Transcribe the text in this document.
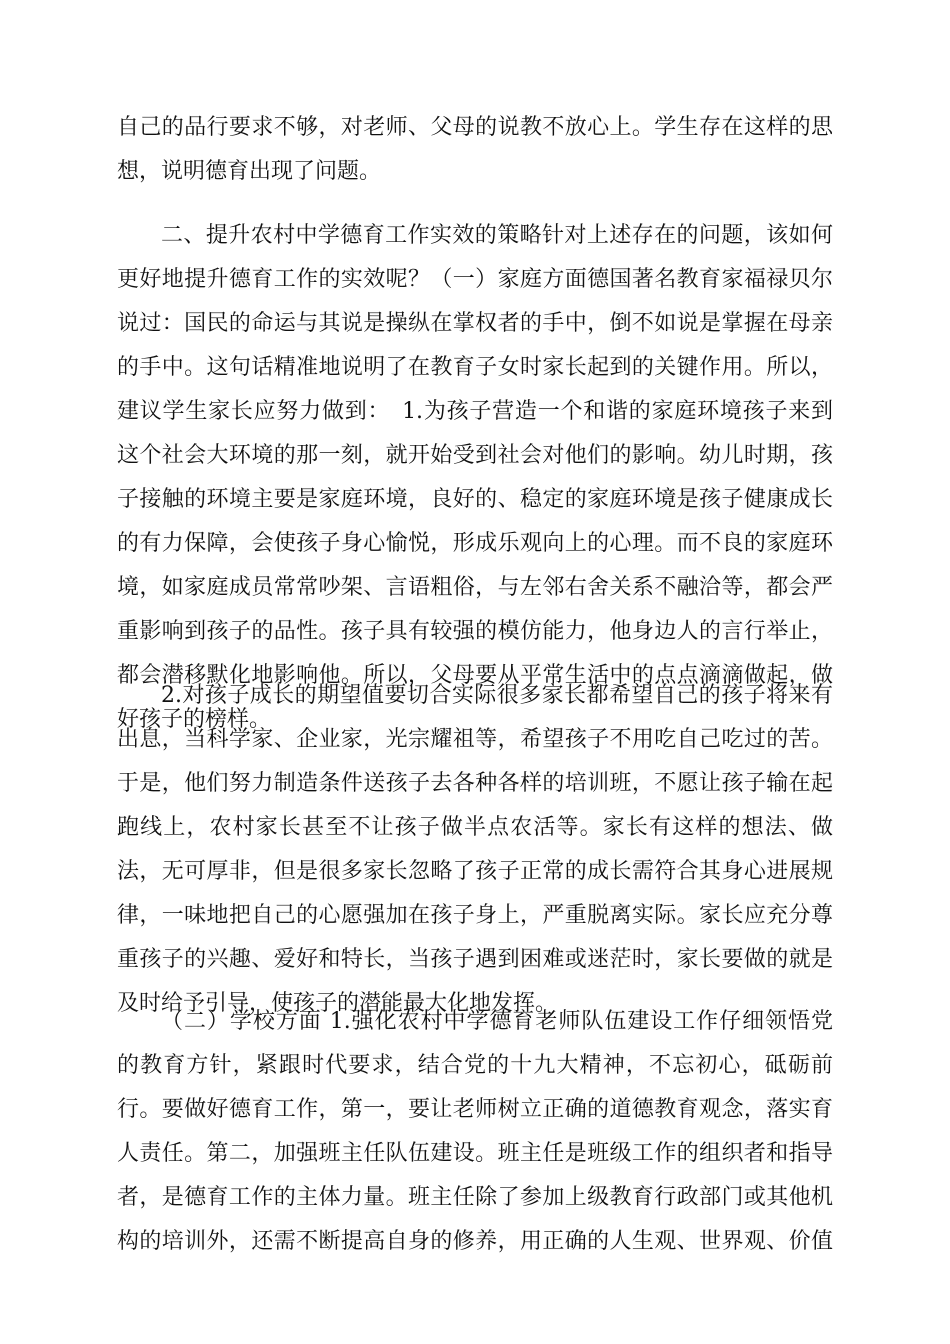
自己的品行要求不够，对老师、父母的说教不放心上。学生存在这样的思
想，说明德育出现了问题。
二、提升农村中学德育工作实效的策略针对上述存在的问题，该如何
更好地提升德育工作的实效呢？（一）家庭方面德国著名教育家福禄贝尔
说过：国民的命运与其说是操纵在掌权者的手中，倒不如说是掌握在母亲
的手中。这句话精准地说明了在教育子女时家长起到的关键作用。所以，
建议学生家长应努力做到：　1.为孩子营造一个和谐的家庭环境孩子来到
这个社会大环境的那一刻，就开始受到社会对他们的影响。幼儿时期，孩
子接触的环境主要是家庭环境，良好的、稳定的家庭环境是孩子健康成长
的有力保障，会使孩子身心愉悦，形成乐观向上的心理。而不良的家庭环
境，如家庭成员常常吵架、言语粗俗，与左邻右舍关系不融洽等，都会严
重影响到孩子的品性。孩子具有较强的模仿能力，他身边人的言行举止，
都会潜移默化地影响他。所以，父母要从平常生活中的点点滴滴做起，做
好孩子的榜样。
2.对孩子成长的期望值要切合实际很多家长都希望自己的孩子将来有
出息，当科学家、企业家，光宗耀祖等，希望孩子不用吃自己吃过的苦。
于是，他们努力制造条件送孩子去各种各样的培训班，不愿让孩子输在起
跑线上，农村家长甚至不让孩子做半点农活等。家长有这样的想法、做
法，无可厚非，但是很多家长忽略了孩子正常的成长需符合其身心进展规
律，一味地把自己的心愿强加在孩子身上，严重脱离实际。家长应充分尊
重孩子的兴趣、爱好和特长，当孩子遇到困难或迷茫时，家长要做的就是
及时给予引导，使孩子的潜能最大化地发挥。
（二）学校方面 1.强化农村中学德育老师队伍建设工作仔细领悟党
的教育方针，紧跟时代要求，结合党的十九大精神，不忘初心，砥砺前
行。要做好德育工作，第一，要让老师树立正确的道德教育观念，落实育
人责任。第二，加强班主任队伍建设。班主任是班级工作的组织者和指导
者，是德育工作的主体力量。班主任除了参加上级教育行政部门或其他机
构的培训外，还需不断提高自身的修养，用正确的人生观、世界观、价值
